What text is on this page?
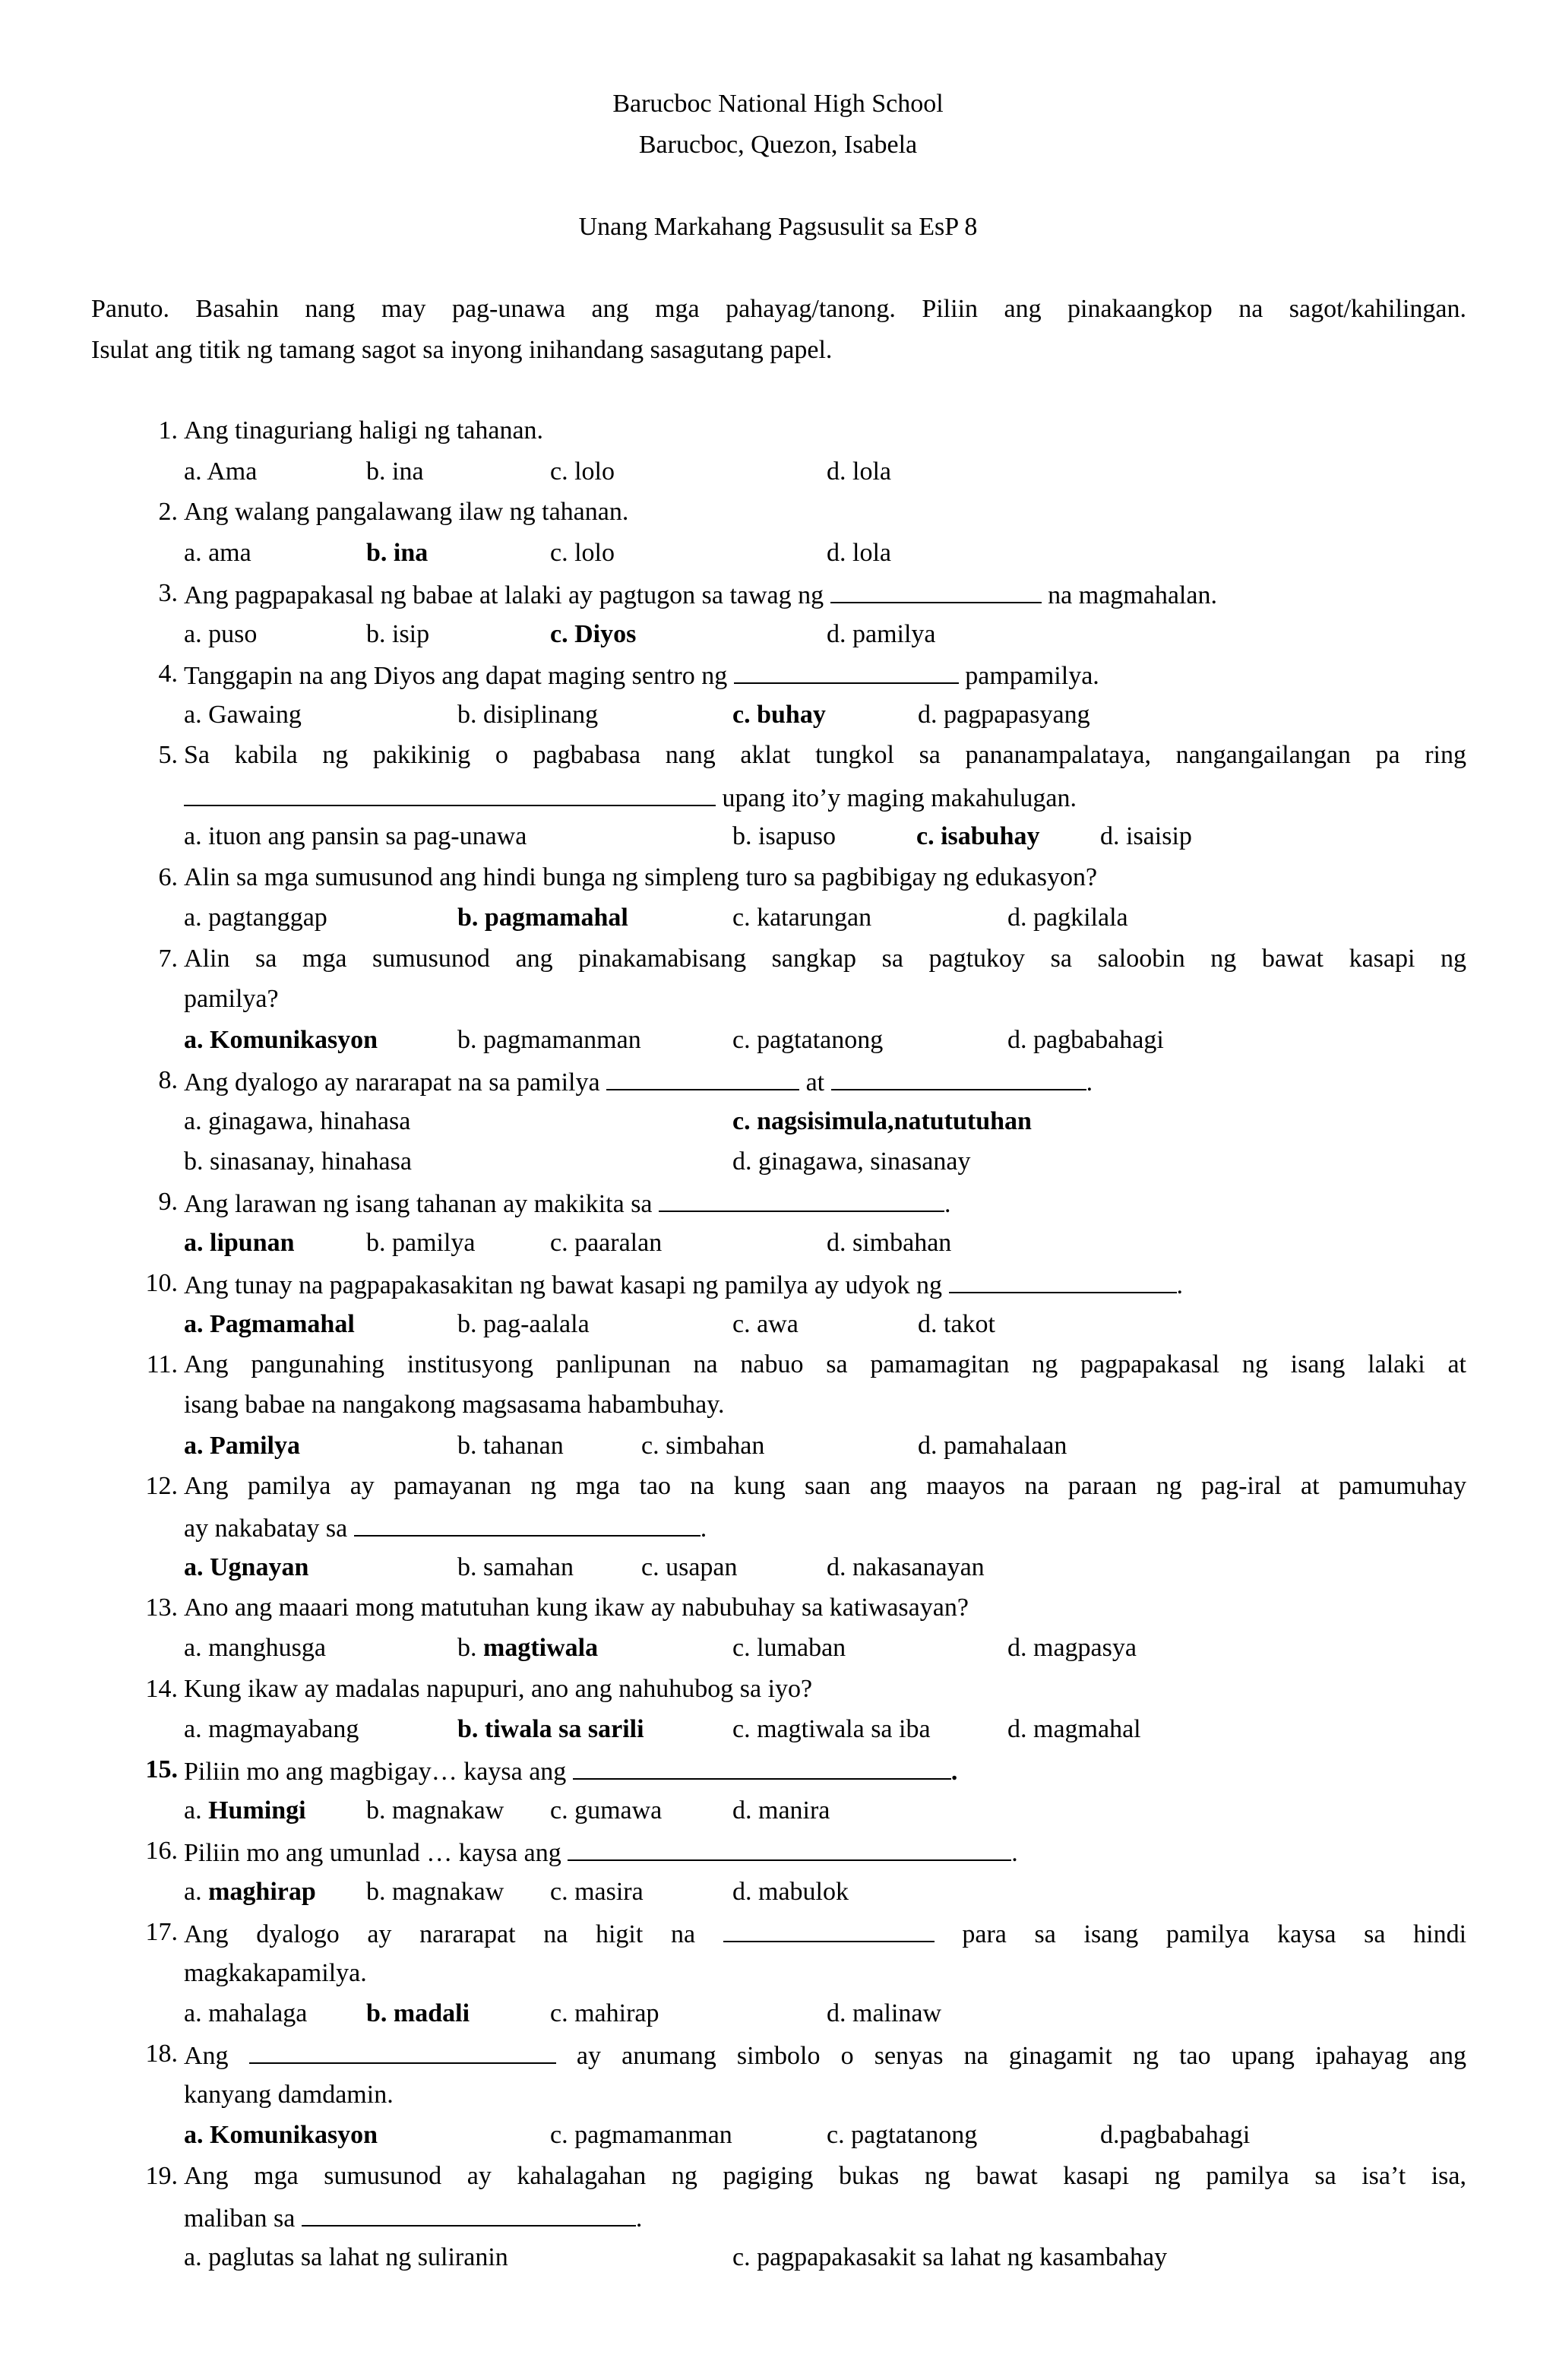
Barucboc National High School
Barucboc, Quezon, Isabela
Unang Markahang Pagsusulit sa EsP 8
Panuto. Basahin nang may pag-unawa ang mga pahayag/tanong. Piliin ang pinakaangkop na sagot/kahilingan.
Isulat ang titik ng tamang sagot sa inyong inihandang sasagutang papel.
1. Ang tinaguriang haligi ng tahanan.
a. Ama	b. ina	c. lolo	d. lola
2. Ang walang pangalawang ilaw ng tahanan.
a. ama	b. ina	c. lolo	d. lola
3. Ang pagpapakasal ng babae at lalaki ay pagtugon sa tawag ng	na magmahalan.
a. puso	b. isip	c. Diyos	d. pamilya
4. Tanggapin na ang Diyos ang dapat maging sentro ng	pampamilya.
a. Gawaing	b. disiplinang	c. buhay	d. pagpapasyang
5. Sa kabila ng pakikinig o pagbabasa nang aklat tungkol sa pananampalataya, nangangailangan pa ring
upang ito’y maging makahulugan.
a. ituon ang pansin sa pag-unawa	b. isapuso	c. isabuhay d. isaisip
6. Alin sa mga sumusunod ang hindi bunga ng simpleng turo sa pagbibigay ng edukasyon?
a. pagtanggap	b. pagmamahal	c. katarungan	d. pagkilala
7. Alin sa mga sumusunod ang pinakamabisang sangkap sa pagtukoy sa saloobin ng bawat kasapi ng
pamilya?
a. Komunikasyon	b. pagmamanman	c. pagtatanong	d. pagbabahagi
8. Ang dyalogo ay nararapat na sa pamilya	at	.
a. ginagawa, hinahasa	c. nagsisimula,natututuhan
b. sinasanay, hinahasa	d. ginagawa, sinasanay
9. Ang larawan ng isang tahanan ay makikita sa	.
a. lipunan	b. pamilya	c. paaralan	d. simbahan
10. Ang tunay na pagpapakasakitan ng bawat kasapi ng pamilya ay udyok ng	.
a. Pagmamahal	b. pag-aalala	c. awa	d. takot
11. Ang pangunahing institusyong panlipunan na nabuo sa pamamagitan ng pagpapakasal ng isang lalaki at
isang babae na nangakong magsasama habambuhay.
a. Pamilya	b. tahanan	c. simbahan	d. pamahalaan
12. Ang pamilya ay pamayanan ng mga tao na kung saan ang maayos na paraan ng pag-iral at pamumuhay
ay nakabatay sa	.
a. Ugnayan	b. samahan	c. usapan	d. nakasanayan
13. Ano ang maaari mong matutuhan kung ikaw ay nabubuhay sa katiwasayan?
a. manghusga	b. magtiwala	c. lumaban	d. magpasya
14. Kung ikaw ay madalas napupuri, ano ang nahuhubog sa iyo?
a. magmayabang	b. tiwala sa sarili	c. magtiwala sa iba	d. magmahal
15. Piliin mo ang magbigay… kaysa ang	.
a. Humingi b. magnakaw c. gumawa	d. manira
16. Piliin mo ang umunlad … kaysa ang	.
a. maghirap b. magnakaw c. masira	d. mabulok
17. Ang dyalogo ay nararapat na higit na	para sa isang pamilya kaysa sa hindi
magkakapamilya.
a. mahalaga b. madali	c. mahirap	d. malinaw
18. Ang	ay anumang simbolo o senyas na ginagamit ng tao upang ipahayag ang
kanyang damdamin.
a. Komunikasyon	c. pagmamanman	c. pagtatanong	d.pagbabahagi
19. Ang mga sumusunod ay kahalagahan ng pagiging bukas ng bawat kasapi ng pamilya sa isa’t isa,
maliban sa	.
a. paglutas sa lahat ng suliranin	c. pagpapakasakit sa lahat ng kasambahay
